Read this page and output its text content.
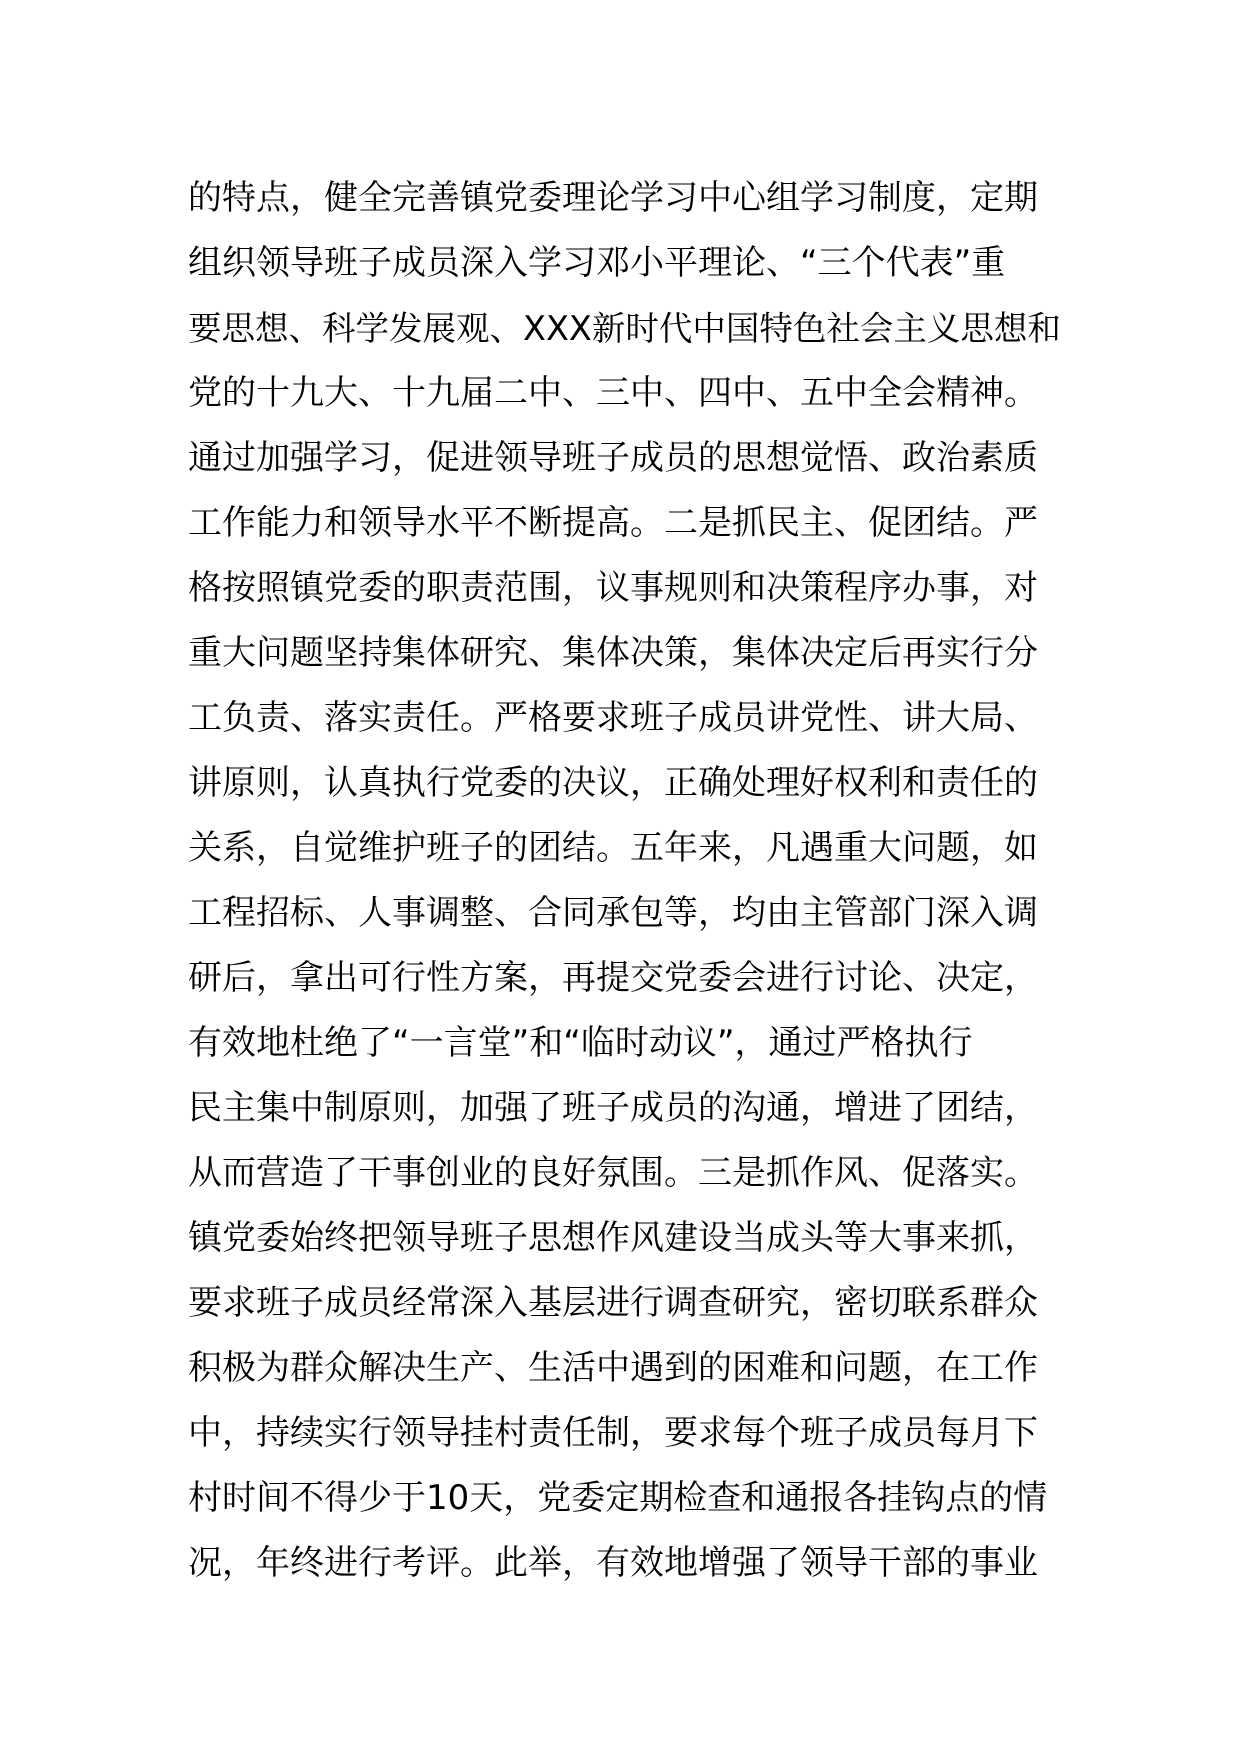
的特点，健全完善镇党委理论学习中心组学习制度，定期
组织领导班子成员深入学习邓小平理论、“三个代表”重
要思想、科学发展观、XXX新时代中国特色社会主义思想和
党的十九大、十九届二中、三中、四中、五中全会精神。
通过加强学习，促进领导班子成员的思想觉悟、政治素质
工作能力和领导水平不断提高。二是抓民主、促团结。严
格按照镇党委的职责范围，议事规则和决策程序办事，对
重大问题坚持集体研究、集体决策，集体决定后再实行分
工负责、落实责任。严格要求班子成员讲党性、讲大局、
讲原则，认真执行党委的决议，正确处理好权利和责任的
关系，自觉维护班子的团结。五年来，凡遇重大问题，如
工程招标、人事调整、合同承包等，均由主管部门深入调
研后，拿出可行性方案，再提交党委会进行讨论、决定，
有效地杜绝了“一言堂”和“临时动议”，通过严格执行
民主集中制原则，加强了班子成员的沟通，增进了团结，
从而营造了干事创业的良好氛围。三是抓作风、促落实。
镇党委始终把领导班子思想作风建设当成头等大事来抓，
要求班子成员经常深入基层进行调查研究，密切联系群众
积极为群众解决生产、生活中遇到的困难和问题，在工作
中，持续实行领导挂村责任制，要求每个班子成员每月下
村时间不得少于10天，党委定期检查和通报各挂钩点的情
况，年终进行考评。此举，有效地增强了领导干部的事业
